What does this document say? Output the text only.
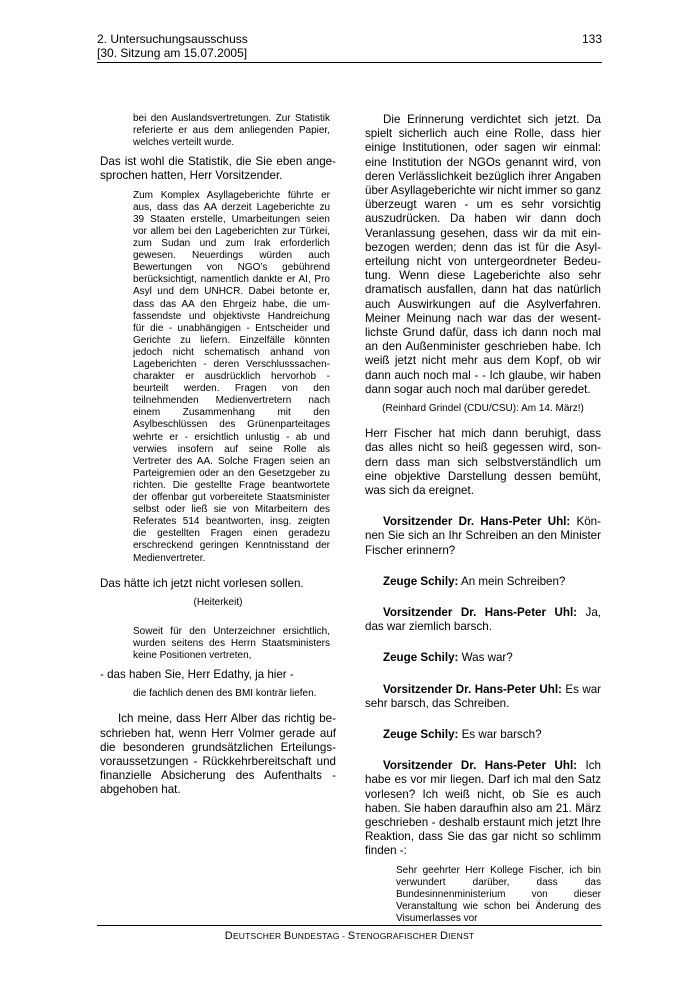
2. Untersuchungsausschuss
[30. Sitzung am 15.07.2005]
133

bei den Auslandsvertretungen. Zur Statistik referierte er aus dem anliegenden Papier, welches verteilt wurde.

Das ist wohl die Statistik, die Sie eben angesprochen hatten, Herr Vorsitzender.

Zum Komplex Asyllageberichte führte er aus, dass das AA derzeit Lageberichte zu 39 Staaten erstelle, Umarbeitungen seien vor allem bei den Lageberichten zur Türkei, zum Sudan und zum Irak erforderlich gewesen. Neuerdings würden auch Bewertungen von NGO’s gebührend berücksichtigt, namentlich dankte er AI, Pro Asyl und dem UNHCR. Dabei betonte er, dass das AA den Ehrgeiz habe, die umfassendste und objektivste Handreichung für die - unabhängigen - Entscheider und Gerichte zu liefern. Einzelfälle könnten jedoch nicht schematisch anhand von Lageberichten - deren Verschlusssachencharakter er ausdrücklich hervorhob - beurteilt werden. Fragen von den teilnehmenden Medienvertretern nach einem Zusammenhang mit den Asylbeschlüssen des Grünenparteitages wehrte er - ersichtlich unlustig - ab und verwies insofern auf seine Rolle als Vertreter des AA. Solche Fragen seien an Parteigremien oder an den Gesetzgeber zu richten. Die gestellte Frage beantwortete der offenbar gut vorbereitete Staatsminister selbst oder ließ sie von Mitarbeitern des Referates 514 beantworten, insg. zeigten die gestellten Fragen einen geradezu erschreckend geringen Kenntnisstand der Medienvertreter.

Das hätte ich jetzt nicht vorlesen sollen.

(Heiterkeit)

Soweit für den Unterzeichner ersichtlich, wurden seitens des Herrn Staatsministers keine Positionen vertreten,

- das haben Sie, Herr Edathy, ja hier -

die fachlich denen des BMI konträr liefen.

Ich meine, dass Herr Alber das richtig beschrieben hat, wenn Herr Volmer gerade auf die besonderen grundsätzlichen Erteilungsvoraussetzungen - Rückkehrbereitschaft und finanzielle Absicherung des Aufenthalts - abgehoben hat.

Die Erinnerung verdichtet sich jetzt. Da spielt sicherlich auch eine Rolle, dass hier einige Institutionen, oder sagen wir einmal: eine Institution der NGOs genannt wird, von deren Verlässlichkeit bezüglich ihrer Angaben über Asyllageberichte wir nicht immer so ganz überzeugt waren - um es sehr vorsichtig auszudrücken. Da haben wir dann doch Veranlassung gesehen, dass wir da mit einbezogen werden; denn das ist für die Asylerteilung nicht von untergeordneter Bedeutung. Wenn diese Lageberichte also sehr dramatisch ausfallen, dann hat das natürlich auch Auswirkungen auf die Asylverfahren. Meiner Meinung nach war das der wesentlichste Grund dafür, dass ich dann noch mal an den Außenminister geschrieben habe. Ich weiß jetzt nicht mehr aus dem Kopf, ob wir dann auch noch mal - - Ich glaube, wir haben dann sogar auch noch mal darüber geredet.

(Reinhard Grindel (CDU/CSU): Am 14. März!)

Herr Fischer hat mich dann beruhigt, dass das alles nicht so heiß gegessen wird, sondern dass man sich selbstverständlich um eine objektive Darstellung dessen bemüht, was sich da ereignet.

Vorsitzender Dr. Hans-Peter Uhl: Können Sie sich an Ihr Schreiben an den Minister Fischer erinnern?

Zeuge Schily: An mein Schreiben?

Vorsitzender Dr. Hans-Peter Uhl: Ja, das war ziemlich barsch.

Zeuge Schily: Was war?

Vorsitzender Dr. Hans-Peter Uhl: Es war sehr barsch, das Schreiben.

Zeuge Schily: Es war barsch?

Vorsitzender Dr. Hans-Peter Uhl: Ich habe es vor mir liegen. Darf ich mal den Satz vorlesen? Ich weiß nicht, ob Sie es auch haben. Sie haben daraufhin also am 21. März geschrieben - deshalb erstaunt mich jetzt Ihre Reaktion, dass Sie das gar nicht so schlimm finden -:

Sehr geehrter Herr Kollege Fischer, ich bin verwundert darüber, dass das Bundesinnenministerium von dieser Veranstaltung wie schon bei Änderung des Visumerlasses vor

DEUTSCHER BUNDESTAG - STENOGRAFISCHER DIENST
